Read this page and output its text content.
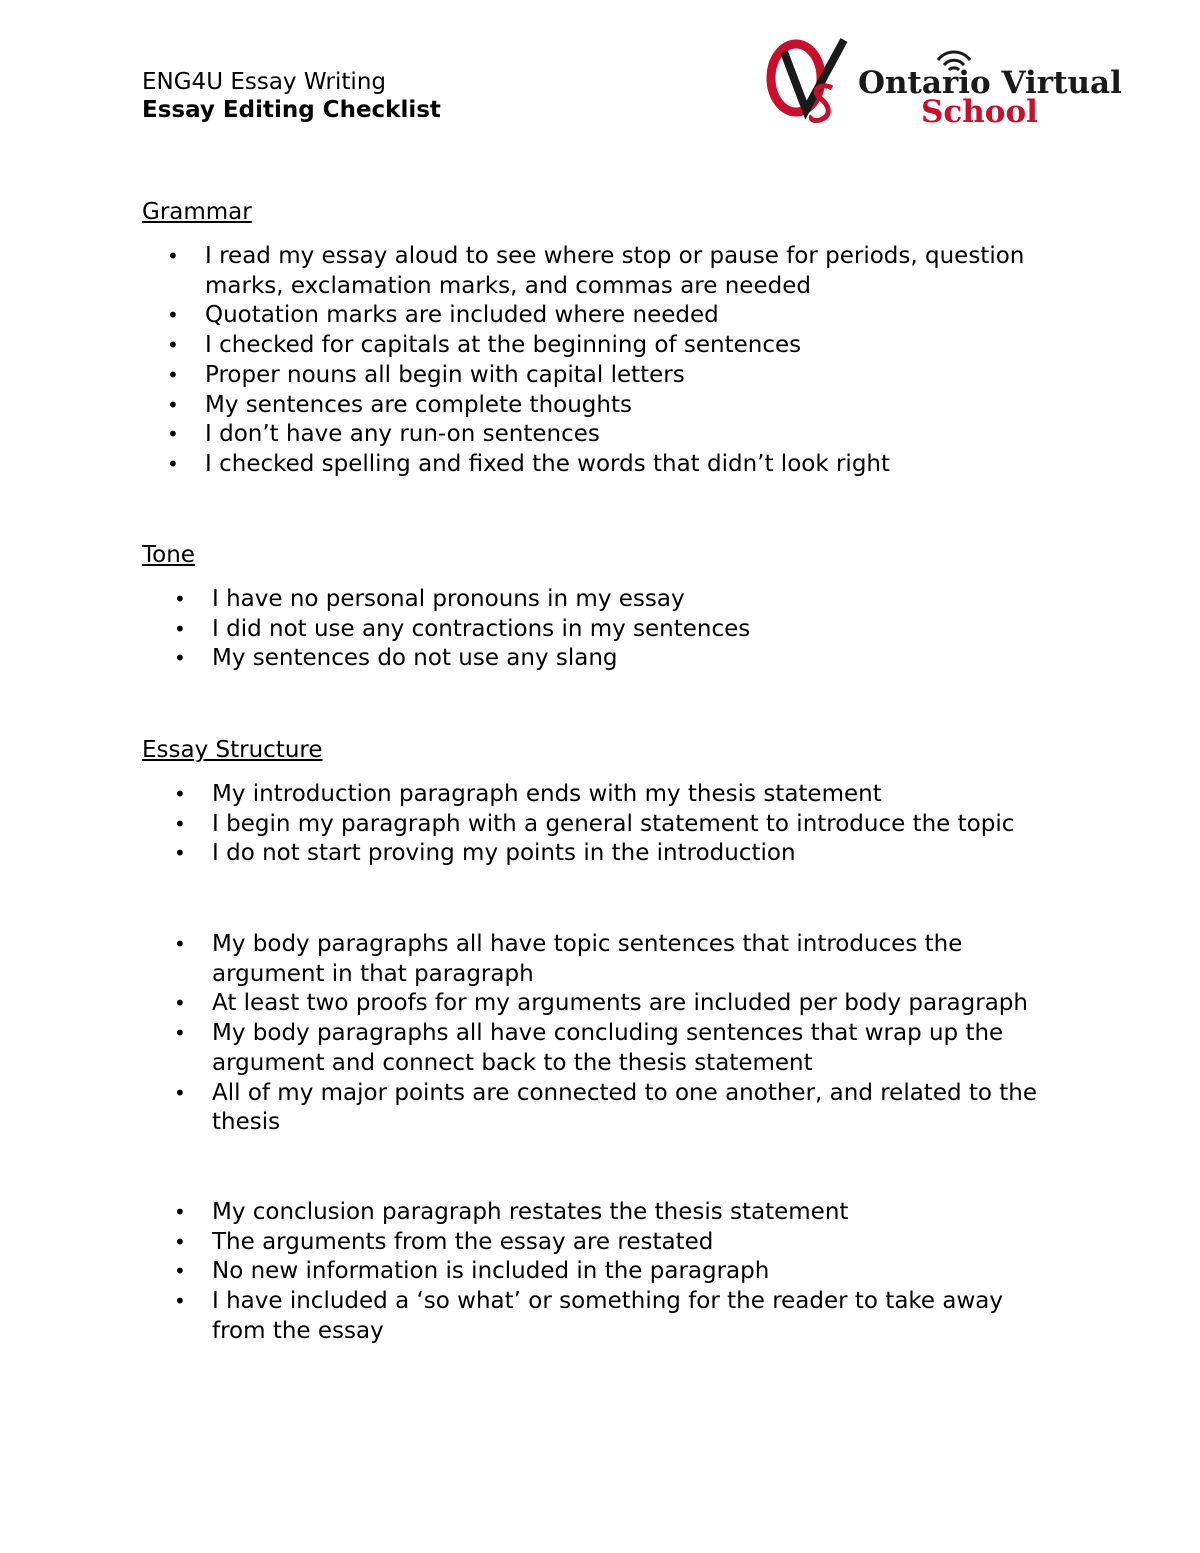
ENG4U Essay Writing
Essay Editing Checklist
Ontario Virtual
School
Grammar
• I read my essay aloud to see where stop or pause for periods, question marks, exclamation marks, and commas are needed
• Quotation marks are included where needed
• I checked for capitals at the beginning of sentences
• Proper nouns all begin with capital letters
• My sentences are complete thoughts
• I don’t have any run-on sentences
• I checked spelling and fixed the words that didn’t look right
Tone
• I have no personal pronouns in my essay
• I did not use any contractions in my sentences
• My sentences do not use any slang
Essay Structure
• My introduction paragraph ends with my thesis statement
• I begin my paragraph with a general statement to introduce the topic
• I do not start proving my points in the introduction
• My body paragraphs all have topic sentences that introduces the argument in that paragraph
• At least two proofs for my arguments are included per body paragraph
• My body paragraphs all have concluding sentences that wrap up the argument and connect back to the thesis statement
• All of my major points are connected to one another, and related to the thesis
• My conclusion paragraph restates the thesis statement
• The arguments from the essay are restated
• No new information is included in the paragraph
• I have included a ‘so what’ or something for the reader to take away from the essay
